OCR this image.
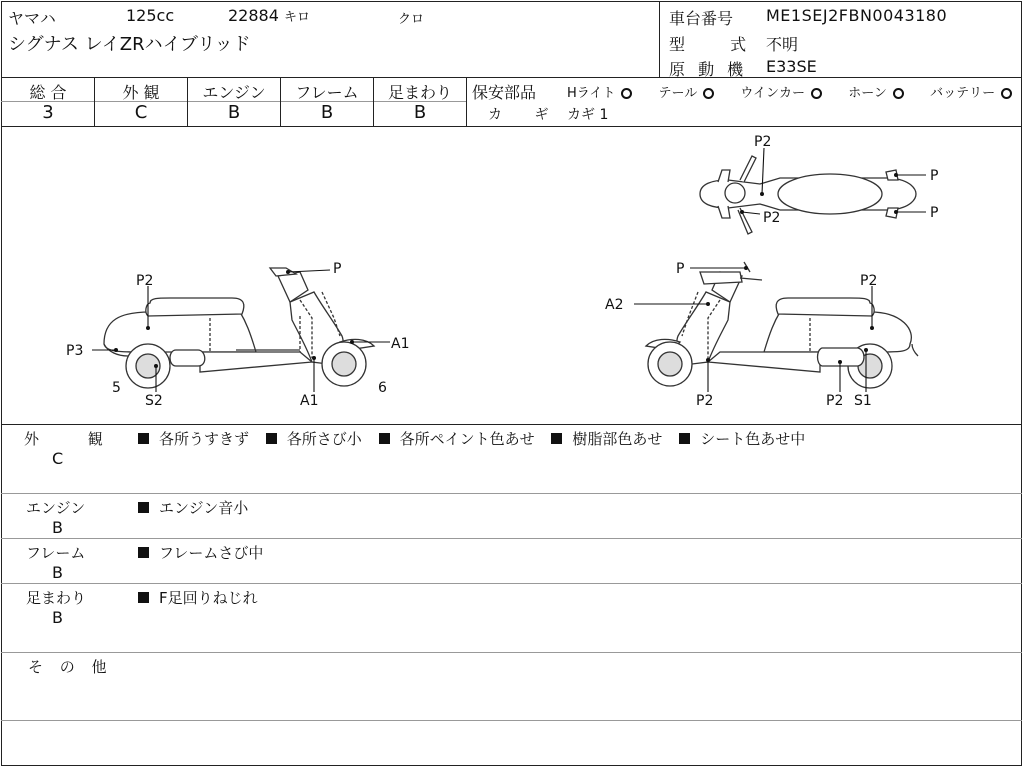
ヤマハ	125cc	22884 キロ	クロ
シグナス レイZRハイブリッド
車台番号 ME1SEJ2FBN0043180
型 式 不明
原 動 機 E33SE
総 合	外 観	エンジン	フレーム	足まわり
3	C	B	B	B
保安部品 Hライト	テール	ウインカー	ホーン	バッテリー
カ ギ カギ 1
P2
P2
P
P
P
P2
P3	A1
5
S2	A1
6
P
A2
P2
P2	P2 S1
外 観
C
各所うすきず	各所さび小	各所ペイント色あせ	樹脂部色あせ	シート色あせ中
エンジン
B
エンジン音小
フレーム
B
フレームさび中
足まわり
B
F足回りねじれ
そ の 他
